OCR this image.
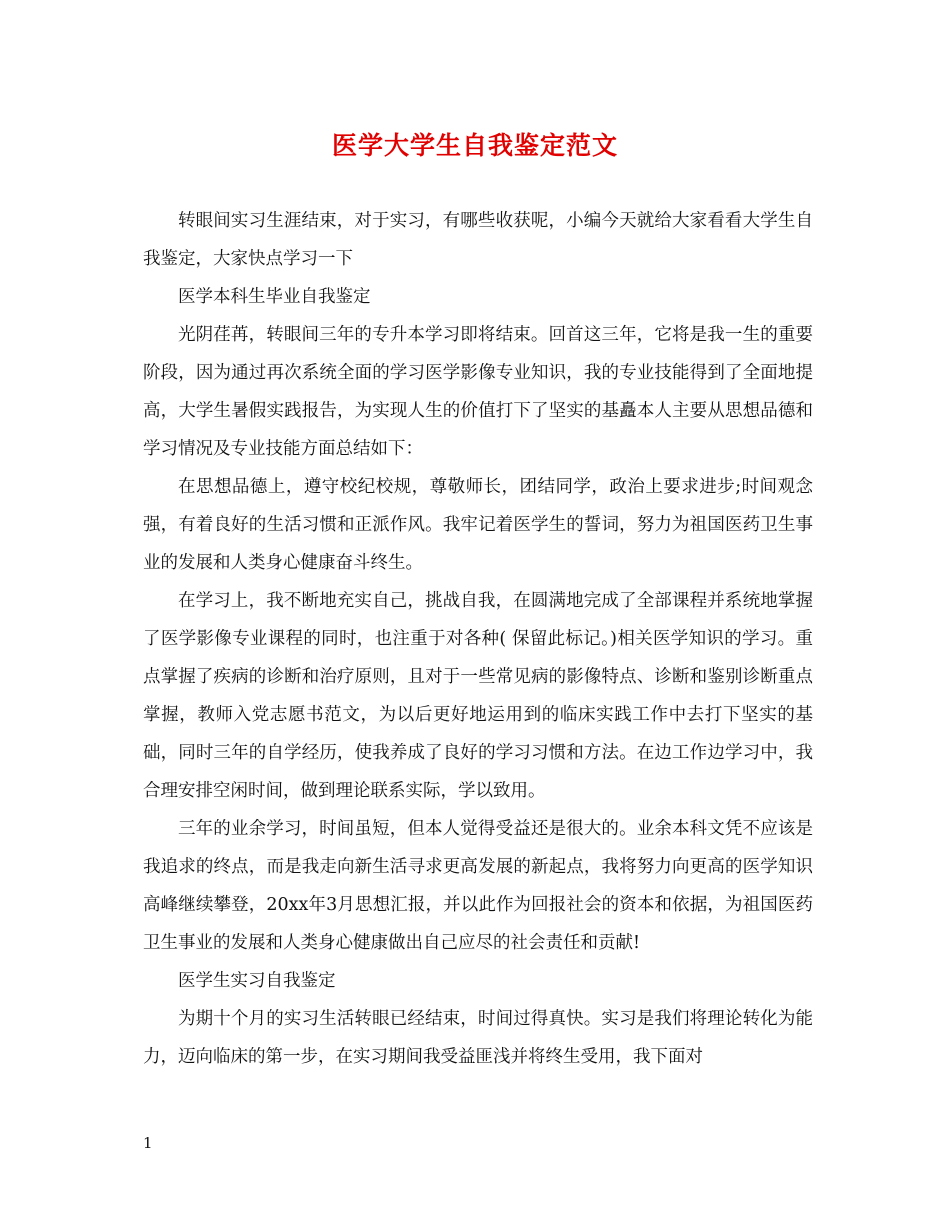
医学大学生自我鉴定范文

转眼间实习生涯结束，对于实习，有哪些收获呢，小编今天就给大家看看大学生自我鉴定，大家快点学习一下

医学本科生毕业自我鉴定

光阴荏苒，转眼间三年的专升本学习即将结束。回首这三年，它将是我一生的重要阶段，因为通过再次系统全面的学习医学影像专业知识，我的专业技能得到了全面地提高，大学生暑假实践报告，为实现人生的价值打下了坚实的基矗本人主要从思想品德和学习情况及专业技能方面总结如下：

在思想品德上，遵守校纪校规，尊敬师长，团结同学，政治上要求进步;时间观念强，有着良好的生活习惯和正派作风。我牢记着医学生的誓词，努力为祖国医药卫生事业的发展和人类身心健康奋斗终生。

在学习上，我不断地充实自己，挑战自我，在圆满地完成了全部课程并系统地掌握了医学影像专业课程的同时，也注重于对各种( 保留此标记。)相关医学知识的学习。重点掌握了疾病的诊断和治疗原则，且对于一些常见病的影像特点、诊断和鉴别诊断重点掌握，教师入党志愿书范文，为以后更好地运用到的临床实践工作中去打下坚实的基础，同时三年的自学经历，使我养成了良好的学习习惯和方法。在边工作边学习中，我合理安排空闲时间，做到理论联系实际，学以致用。

三年的业余学习，时间虽短，但本人觉得受益还是很大的。业余本科文凭不应该是我追求的终点，而是我走向新生活寻求更高发展的新起点，我将努力向更高的医学知识高峰继续攀登，20xx年3月思想汇报，并以此作为回报社会的资本和依据，为祖国医药卫生事业的发展和人类身心健康做出自己应尽的社会责任和贡献!

医学生实习自我鉴定

为期十个月的实习生活转眼已经结束，时间过得真快。实习是我们将理论转化为能力，迈向临床的第一步，在实习期间我受益匪浅并将终生受用，我下面对

1
